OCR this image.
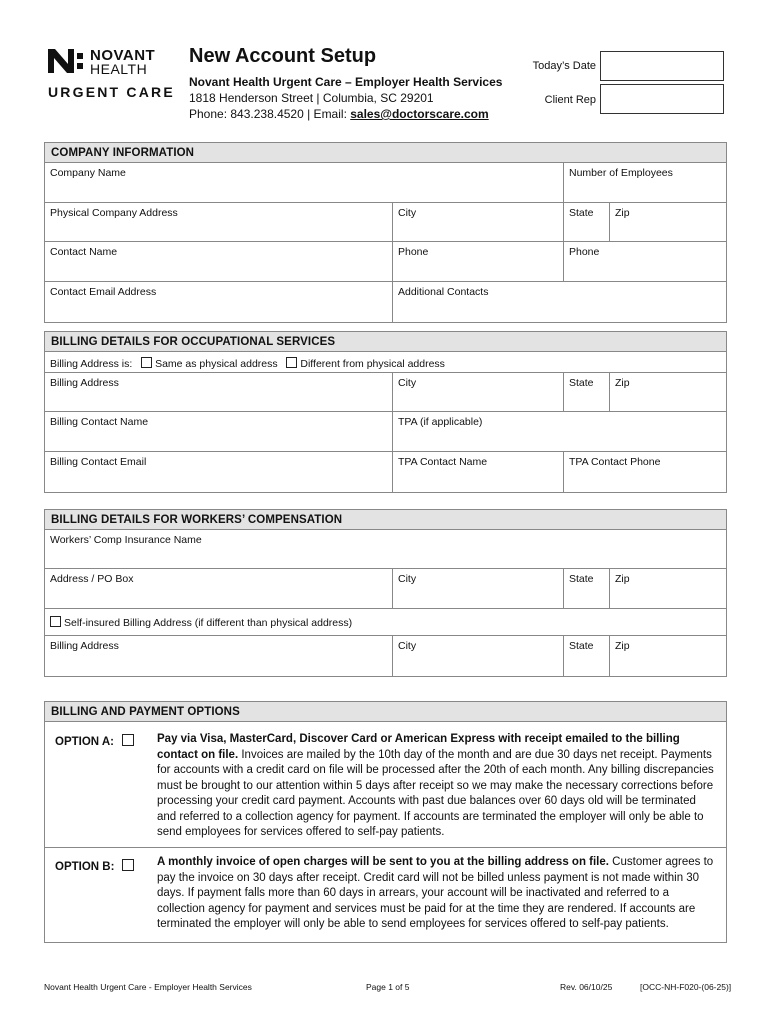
NOVANT
HEALTH
URGENT CARE
New Account Setup
Novant Health Urgent Care – Employer Health Services
1818 Henderson Street | Columbia, SC 29201
Phone: 843.238.4520 | Email: sales@doctorscare.com
Today’s Date
Client Rep
COMPANY INFORMATION
Company Name	Number of Employees
Physical Company Address	City	State	Zip
Contact Name	Phone	Phone
Contact Email Address	Additional Contacts
BILLING DETAILS FOR OCCUPATIONAL SERVICES
Billing Address is: Same as physical address Different from physical address
Billing Address	City	State	Zip
Billing Contact Name	TPA (if applicable)
Billing Contact Email	TPA Contact Name	TPA Contact Phone
BILLING DETAILS FOR WORKERS’ COMPENSATION
Workers’ Comp Insurance Name
Address / PO Box	City	State	Zip
Self-insured Billing Address (if different than physical address)
Billing Address	City	State	Zip
BILLING AND PAYMENT OPTIONS
OPTION A:	Pay via Visa, MasterCard, Discover Card or American Express with receipt emailed to the billing contact on file. Invoices are mailed by the 10th day of the month and are due 30 days net receipt. Payments for accounts with a credit card on file will be processed after the 20th of each month. Any billing discrepancies must be brought to our attention within 5 days after receipt so we may make the necessary corrections before processing your credit card payment. Accounts with past due balances over 60 days old will be terminated and referred to a collection agency for payment. If accounts are terminated the employer will only be able to send employees for services offered to self-pay patients.
OPTION B:	A monthly invoice of open charges will be sent to you at the billing address on file. Customer agrees to pay the invoice on 30 days after receipt. Credit card will not be billed unless payment is not made within 30 days. If payment falls more than 60 days in arrears, your account will be inactivated and referred to a collection agency for payment and services must be paid for at the time they are rendered. If accounts are terminated the employer will only be able to send employees for services offered to self-pay patients.
Novant Health Urgent Care - Employer Health Services	Page 1 of 5	Rev. 06/10/25	[OCC-NH-F020-(06-25)]
